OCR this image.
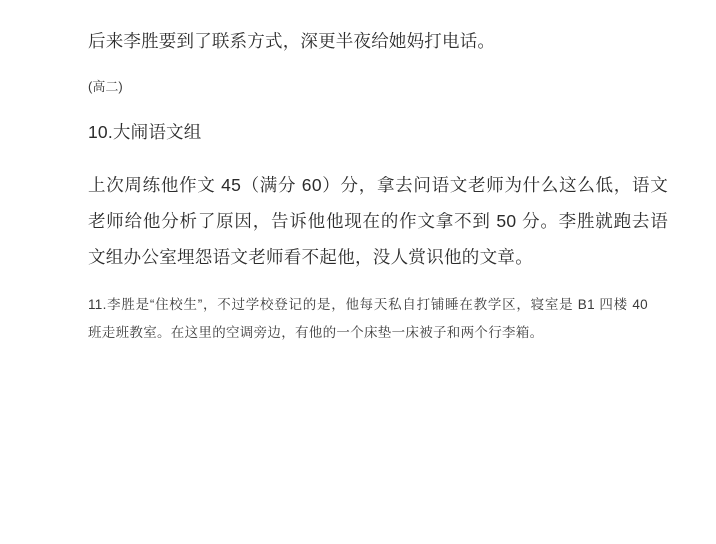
后来李胜要到了联系方式，深更半夜给她妈打电话。

(高二)

10.大闹语文组

上次周练他作文 45（满分 60）分，拿去问语文老师为什么这么低，语文老师给他分析了原因，告诉他他现在的作文拿不到 50 分。李胜就跑去语文组办公室埋怨语文老师看不起他，没人赏识他的文章。

11.李胜是“住校生”，不过学校登记的是，他每天私自打铺睡在教学区，寝室是 B1 四楼 40 班走班教室。在这里的空调旁边，有他的一个床垫一床被子和两个行李箱。
